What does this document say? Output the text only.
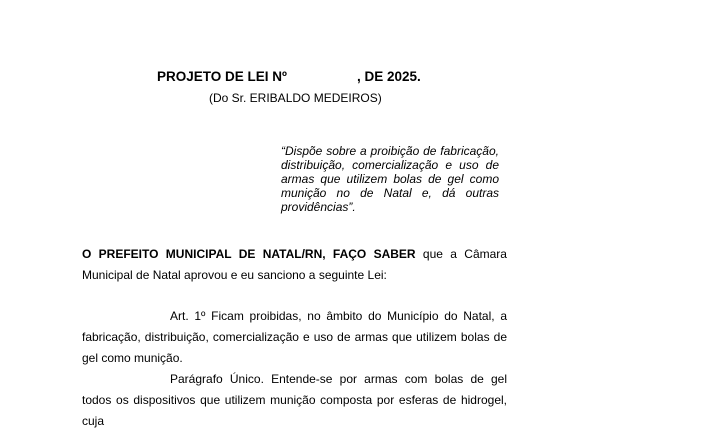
PROJETO DE LEI Nº	, DE 2025.
(Do Sr. ERIBALDO MEDEIROS)
“Dispõe sobre a proibição de fabricação, distribuição, comercialização e uso de armas que utilizem bolas de gel como munição no de Natal e, dá outras providências”.
O PREFEITO MUNICIPAL DE NATAL/RN, FAÇO SABER que a Câmara Municipal de Natal aprovou e eu sanciono a seguinte Lei:
Art. 1º Ficam proibidas, no âmbito do Município do Natal, a fabricação, distribuição, comercialização e uso de armas que utilizem bolas de gel como munição.
Parágrafo Único. Entende-se por armas com bolas de gel todos os dispositivos que utilizem munição composta por esferas de hidrogel, cuja
